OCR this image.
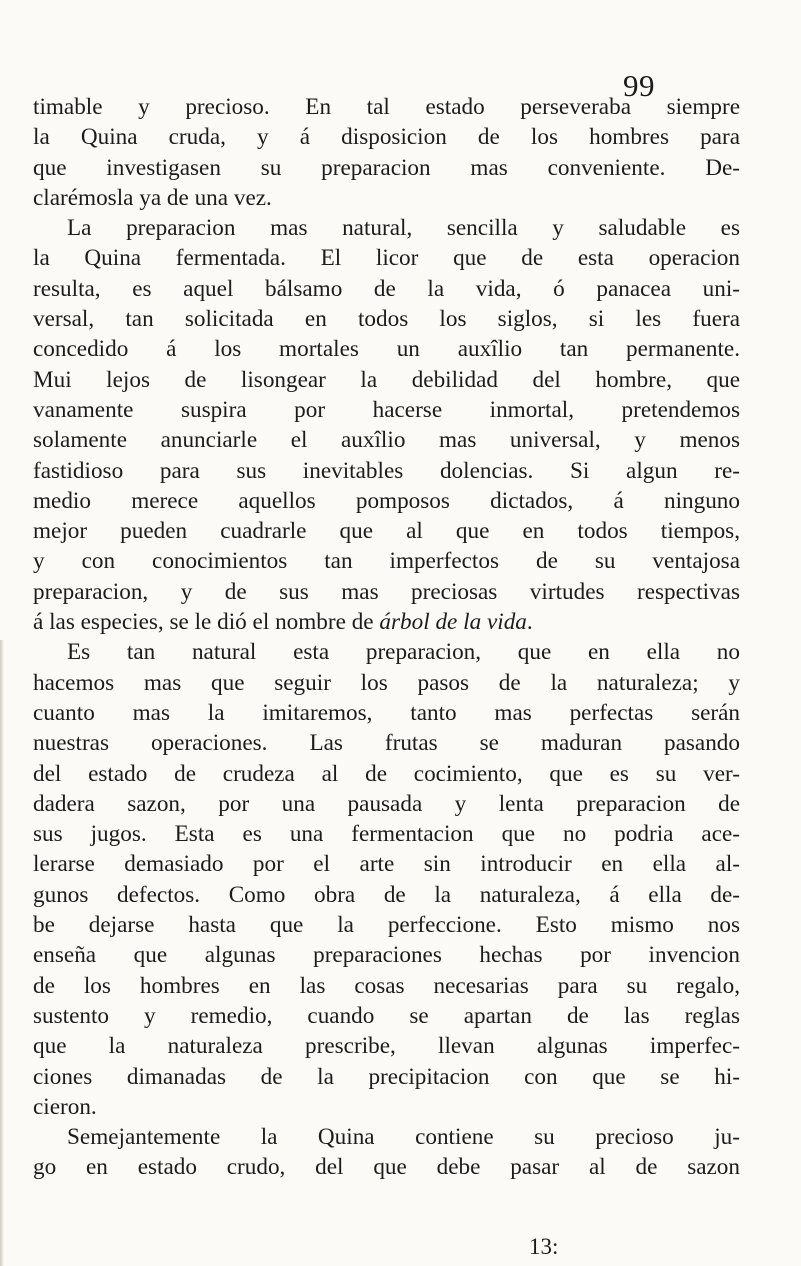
99
timable y precioso. En tal estado perseveraba siempre
la Quina cruda, y á disposicion de los hombres para
que investigasen su preparacion mas conveniente. De-
clarémosla ya de una vez.
La preparacion mas natural, sencilla y saludable es
la Quina fermentada. El licor que de esta operacion
resulta, es aquel bálsamo de la vida, ó panacea uni-
versal, tan solicitada en todos los siglos, si les fuera
concedido á los mortales un auxîlio tan permanente.
Mui lejos de lisongear la debilidad del hombre, que
vanamente suspira por hacerse inmortal, pretendemos
solamente anunciarle el auxîlio mas universal, y menos
fastidioso para sus inevitables dolencias. Si algun re-
medio merece aquellos pomposos dictados, á ninguno
mejor pueden cuadrarle que al que en todos tiempos,
y con conocimientos tan imperfectos de su ventajosa
preparacion, y de sus mas preciosas virtudes respectivas
á las especies, se le dió el nombre de árbol de la vida.
Es tan natural esta preparacion, que en ella no
hacemos mas que seguir los pasos de la naturaleza; y
cuanto mas la imitaremos, tanto mas perfectas serán
nuestras operaciones. Las frutas se maduran pasando
del estado de crudeza al de cocimiento, que es su ver-
dadera sazon, por una pausada y lenta preparacion de
sus jugos. Esta es una fermentacion que no podria ace-
lerarse demasiado por el arte sin introducir en ella al-
gunos defectos. Como obra de la naturaleza, á ella de-
be dejarse hasta que la perfeccione. Esto mismo nos
enseña que algunas preparaciones hechas por invencion
de los hombres en las cosas necesarias para su regalo,
sustento y remedio, cuando se apartan de las reglas
que la naturaleza prescribe, llevan algunas imperfec-
ciones dimanadas de la precipitacion con que se hi-
cieron.
Semejantemente la Quina contiene su precioso ju-
go en estado crudo, del que debe pasar al de sazon
13:
